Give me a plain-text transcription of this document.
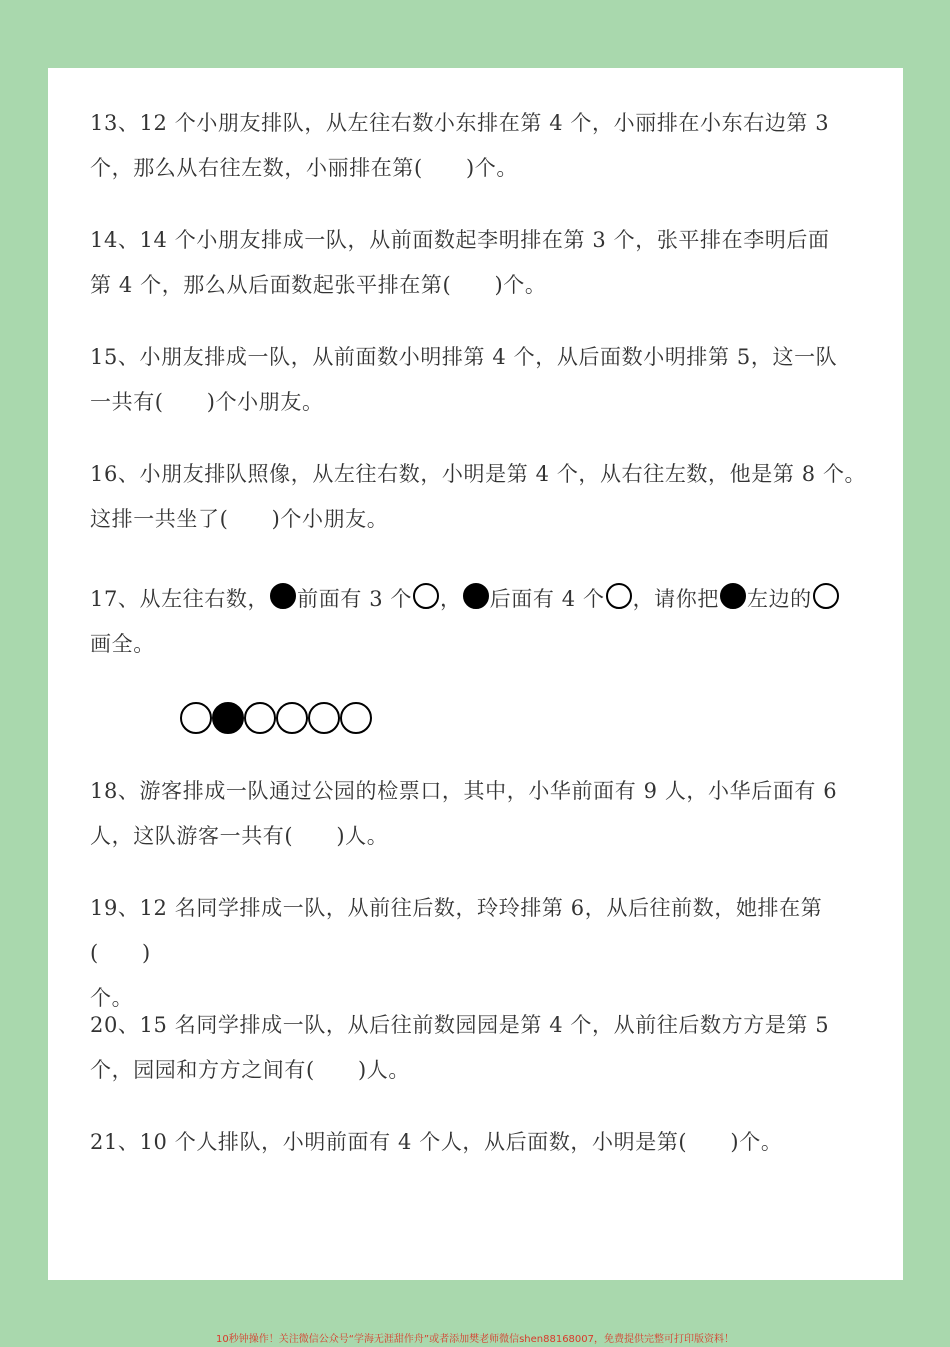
13、12 个小朋友排队，从左往右数小东排在第 4 个，小丽排在小东右边第 3
个，那么从右往左数，小丽排在第(　　)个。

14、14 个小朋友排成一队，从前面数起李明排在第 3 个，张平排在李明后面
第 4 个，那么从后面数起张平排在第(　　)个。

15、小朋友排成一队，从前面数小明排第 4 个，从后面数小明排第 5，这一队
一共有(　　)个小朋友。

16、小朋友排队照像，从左往右数，小明是第 4 个，从右往左数，他是第 8 个。
这排一共坐了(　　)个小朋友。

17、从左往右数， 前面有 3 个 ， 后面有 4 个 ，请你把 左边的
画全。

18、游客排成一队通过公园的检票口，其中，小华前面有 9 人，小华后面有 6
人，这队游客一共有(　　)人。

19、12 名同学排成一队，从前往后数，玲玲排第 6，从后往前数，她排在第(　　)
个。

20、15 名同学排成一队，从后往前数园园是第 4 个，从前往后数方方是第 5
个，园园和方方之间有(　　)人。

21、10 个人排队，小明前面有 4 个人，从后面数，小明是第(　　)个。

10秒钟操作！关注微信公众号“学海无涯甜作舟”或者添加樊老师微信shen88168007，免费提供完整可打印版资料！
